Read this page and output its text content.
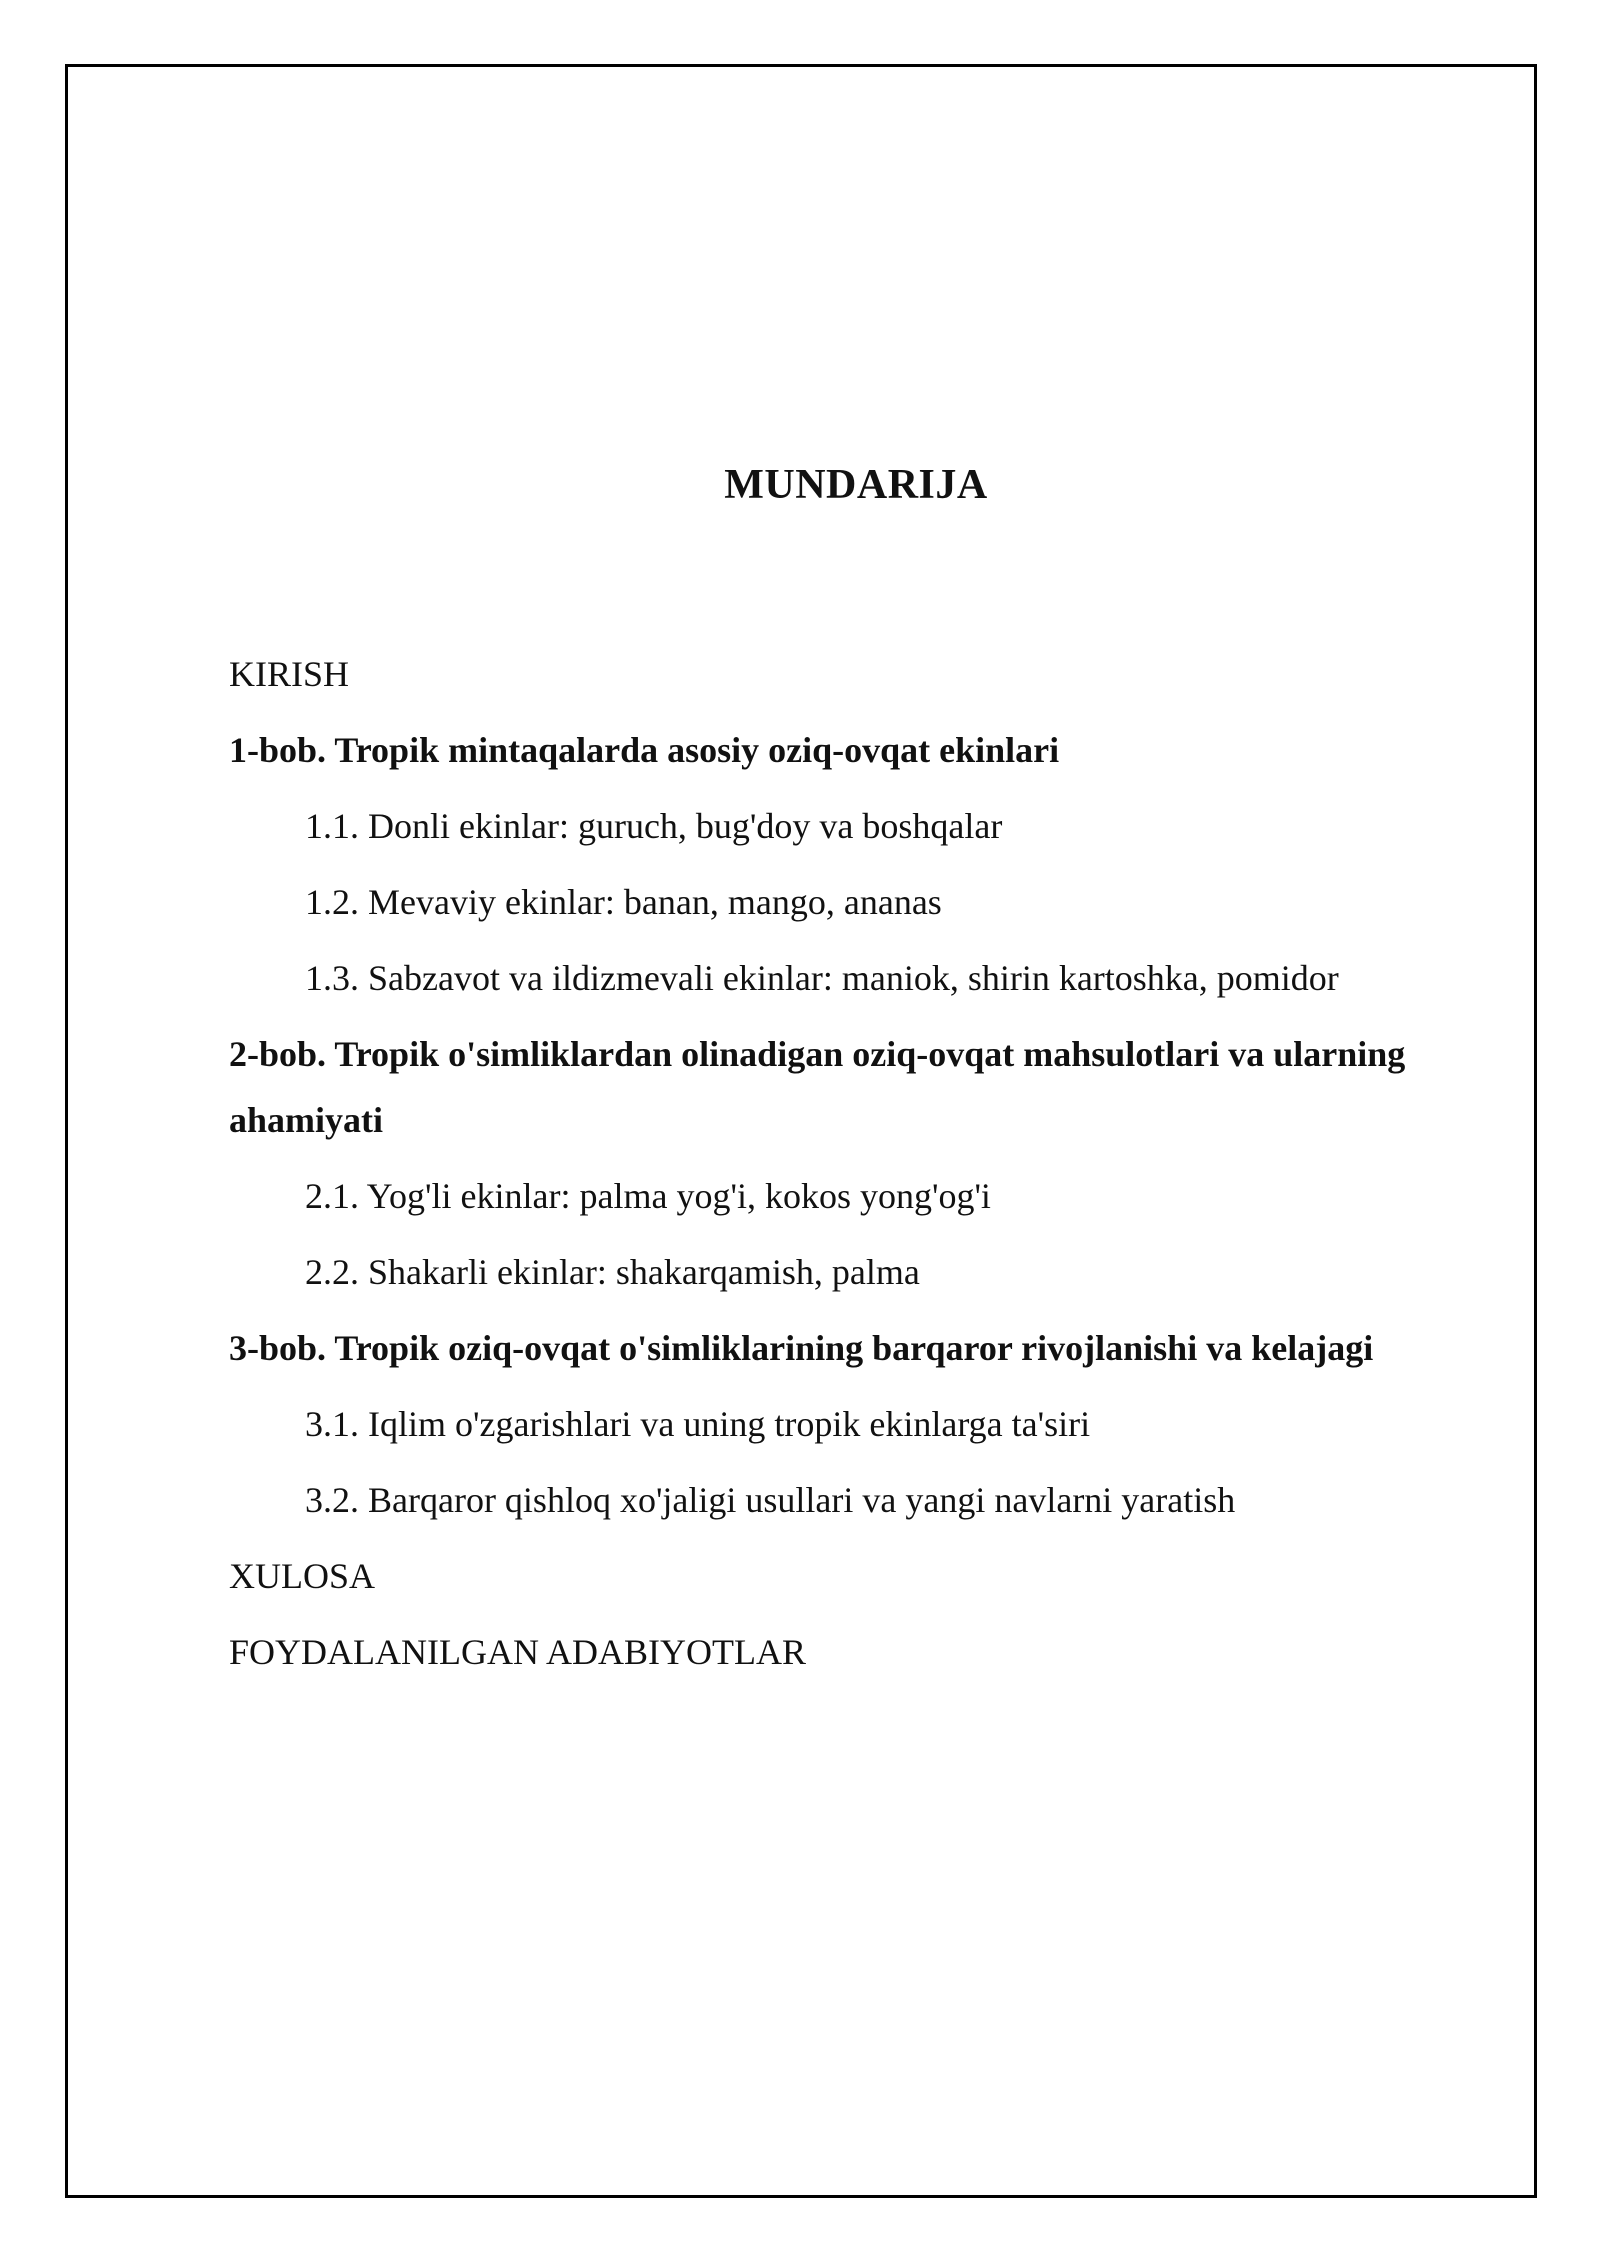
MUNDARIJA
KIRISH
1-bob. Tropik mintaqalarda asosiy oziq-ovqat ekinlari
1.1. Donli ekinlar: guruch, bug'doy va boshqalar
1.2. Mevaviy ekinlar: banan, mango, ananas
1.3. Sabzavot va ildizmevali ekinlar: maniok, shirin kartoshka, pomidor
2-bob. Tropik o'simliklardan olinadigan oziq-ovqat mahsulotlari va ularning ahamiyati
2.1. Yog'li ekinlar: palma yog'i, kokos yong'og'i
2.2. Shakarli ekinlar: shakarqamish, palma
3-bob. Tropik oziq-ovqat o'simliklarining barqaror rivojlanishi va kelajagi
3.1. Iqlim o'zgarishlari va uning tropik ekinlarga ta'siri
3.2. Barqaror qishloq xo'jaligi usullari va yangi navlarni yaratish
XULOSA
FOYDALANILGAN ADABIYOTLAR
